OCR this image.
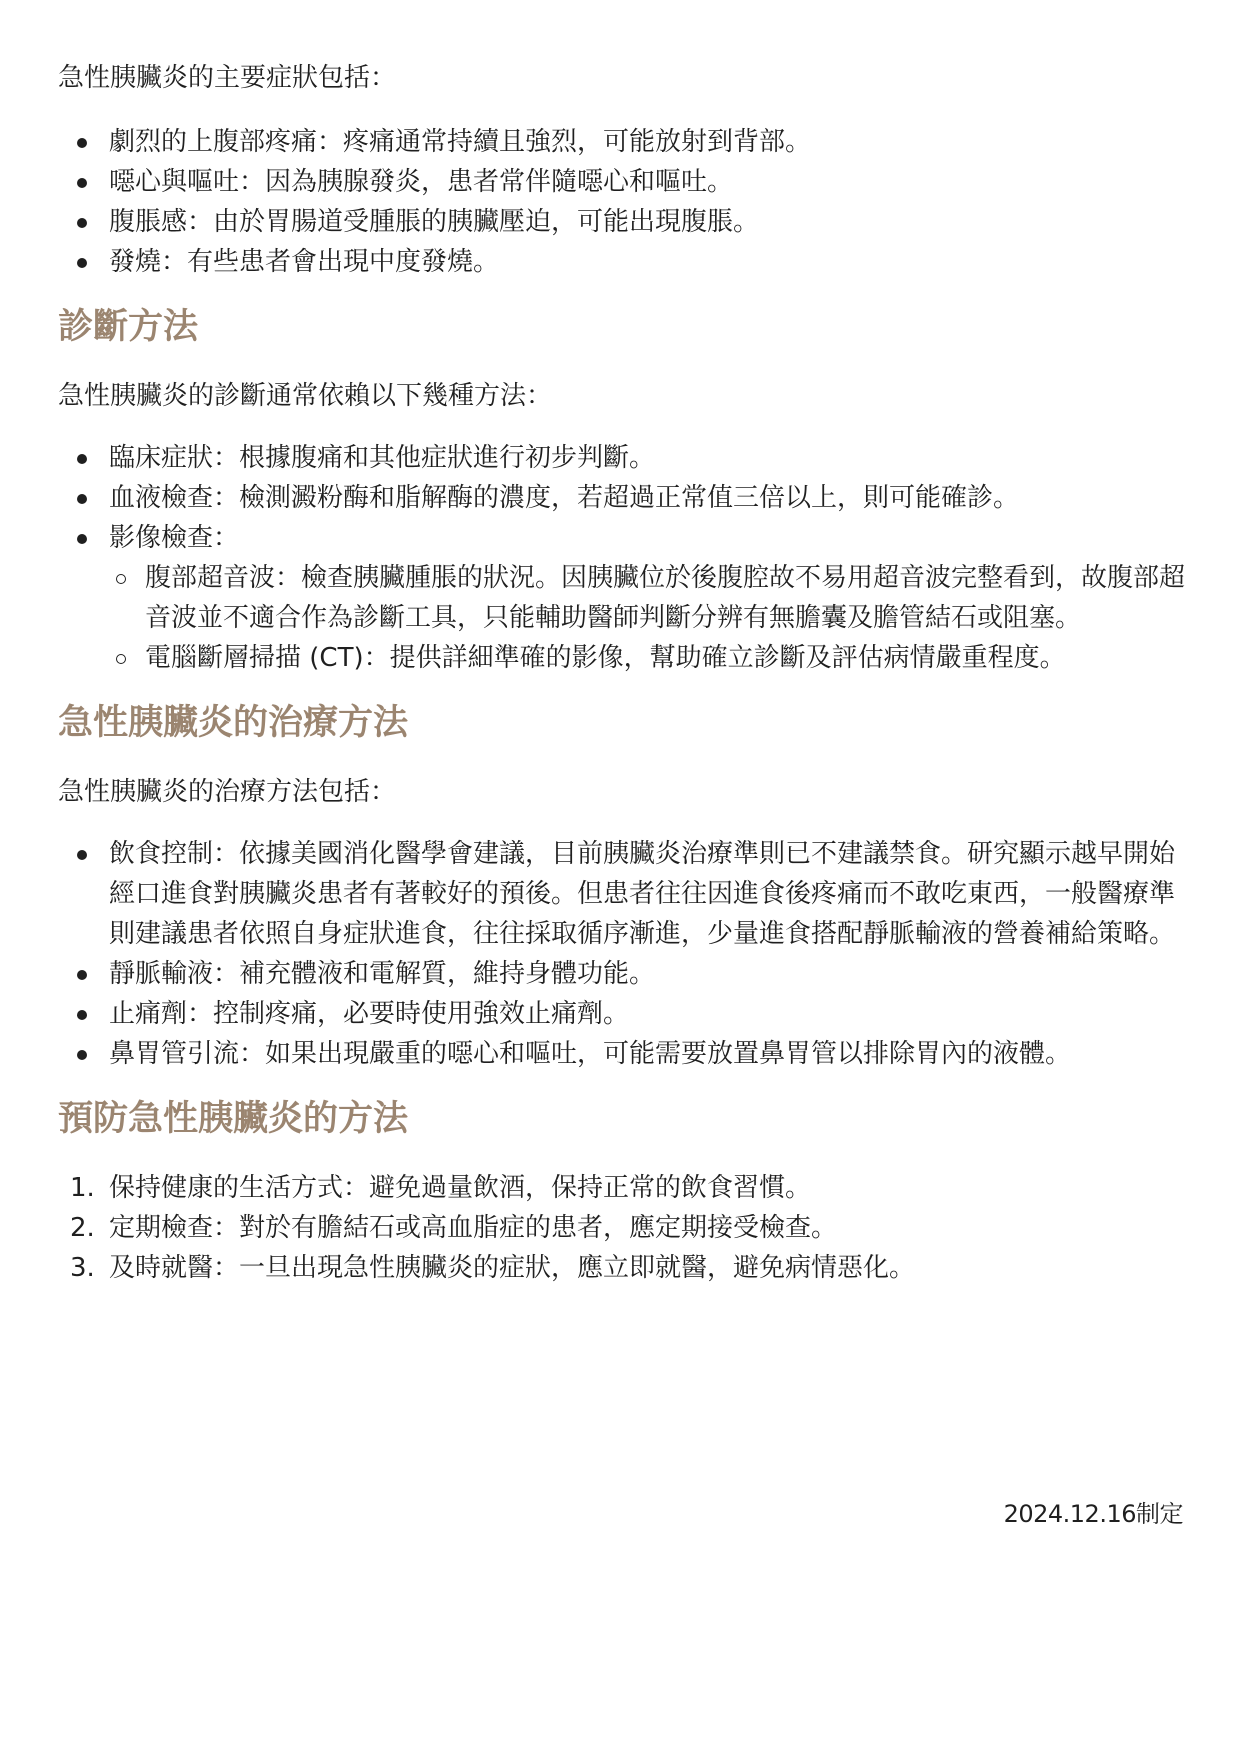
急性胰臟炎的主要症狀包括：

劇烈的上腹部疼痛：疼痛通常持續且強烈，可能放射到背部。
噁心與嘔吐：因為胰腺發炎，患者常伴隨噁心和嘔吐。
腹脹感：由於胃腸道受腫脹的胰臟壓迫，可能出現腹脹。
發燒：有些患者會出現中度發燒。
診斷方法

急性胰臟炎的診斷通常依賴以下幾種方法：

臨床症狀：根據腹痛和其他症狀進行初步判斷。
血液檢查：檢測澱粉酶和脂解酶的濃度，若超過正常值三倍以上，則可能確診。
影像檢查：
腹部超音波：檢查胰臟腫脹的狀況。因胰臟位於後腹腔故不易用超音波完整看到，故腹部超音波並不適合作為診斷工具，只能輔助醫師判斷分辨有無膽囊及膽管結石或阻塞。
電腦斷層掃描 (CT)：提供詳細準確的影像，幫助確立診斷及評估病情嚴重程度。
急性胰臟炎的治療方法

急性胰臟炎的治療方法包括：

飲食控制：依據美國消化醫學會建議，目前胰臟炎治療準則已不建議禁食。研究顯示越早開始經口進食對胰臟炎患者有著較好的預後。但患者往往因進食後疼痛而不敢吃東西，一般醫療準則建議患者依照自身症狀進食，往往採取循序漸進，少量進食搭配靜脈輸液的營養補給策略。
靜脈輸液：補充體液和電解質，維持身體功能。
止痛劑：控制疼痛，必要時使用強效止痛劑。
鼻胃管引流：如果出現嚴重的噁心和嘔吐，可能需要放置鼻胃管以排除胃內的液體。
預防急性胰臟炎的方法
1. 保持健康的生活方式：避免過量飲酒，保持正常的飲食習慣。
2. 定期檢查：對於有膽結石或高血脂症的患者，應定期接受檢查。
3. 及時就醫：一旦出現急性胰臟炎的症狀，應立即就醫，避免病情惡化。
2024.12.16制定
